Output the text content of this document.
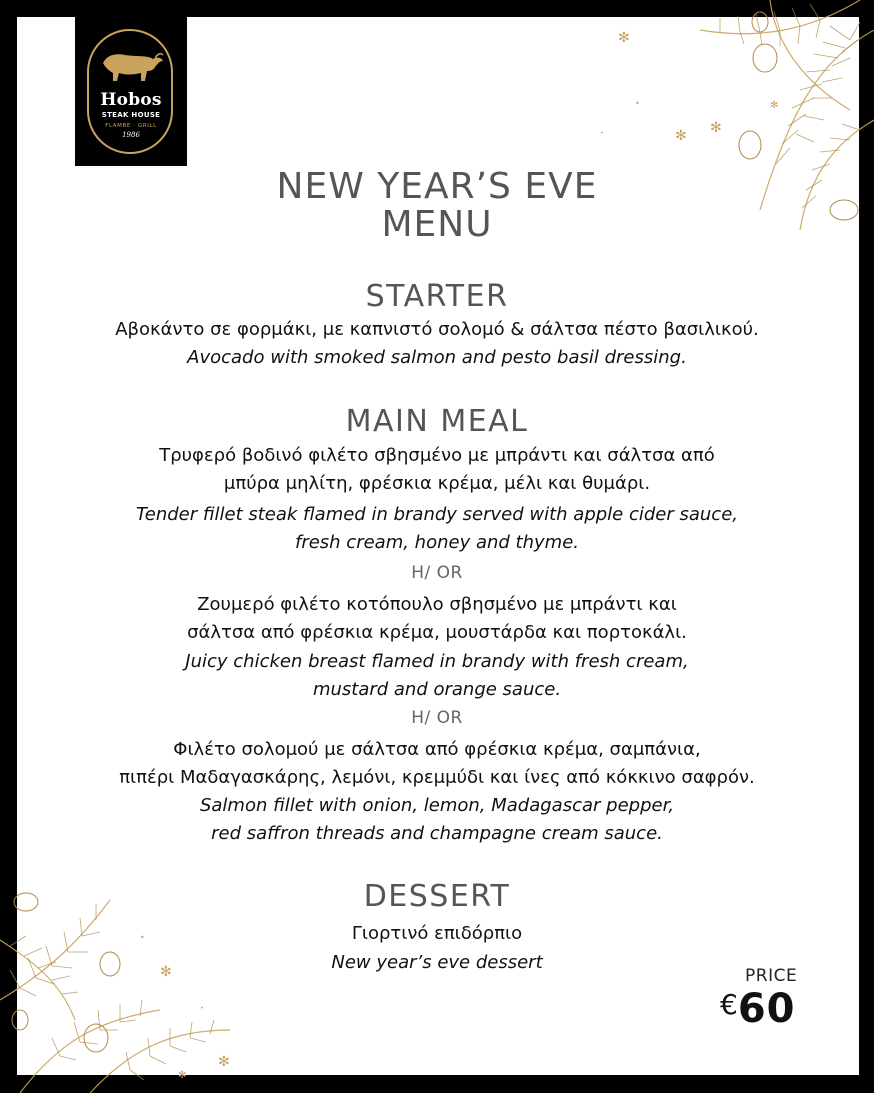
✻
✻ ✻
✻
•
•
✻
✻
✻
•
•
Hobos
STEAK HOUSE
FLAMBE · GRILL
1986
NEW YEAR’S EVE
MENU
STARTER
Αβοκάντο σε φορμάκι, με καπνιστό σολομό & σάλτσα πέστο βασιλικού.
Avocado with smoked salmon and pesto basil dressing.
MAIN MEAL
Τρυφερό βοδινό φιλέτο σβησμένο με μπράντι και σάλτσα από
μπύρα μηλίτη, φρέσκια κρέμα, μέλι και θυμάρι.
Tender fillet steak flamed in brandy served with apple cider sauce,
fresh cream, honey and thyme.
H/ OR
Ζουμερό φιλέτο κοτόπουλο σβησμένο με μπράντι και
σάλτσα από φρέσκια κρέμα, μουστάρδα και πορτοκάλι.
Juicy chicken breast flamed in brandy with fresh cream,
mustard and orange sauce.
H/ OR
Φιλέτο σολομού με σάλτσα από φρέσκια κρέμα, σαμπάνια,
πιπέρι Μαδαγασκάρης, λεμόνι, κρεμμύδι και ίνες από κόκκινο σαφρόν.
Salmon fillet with onion, lemon, Madagascar pepper,
red saffron threads and champagne cream sauce.
DESSERT
Γιορτινό επιδόρπιο
New year’s eve dessert
PRICE
€60
